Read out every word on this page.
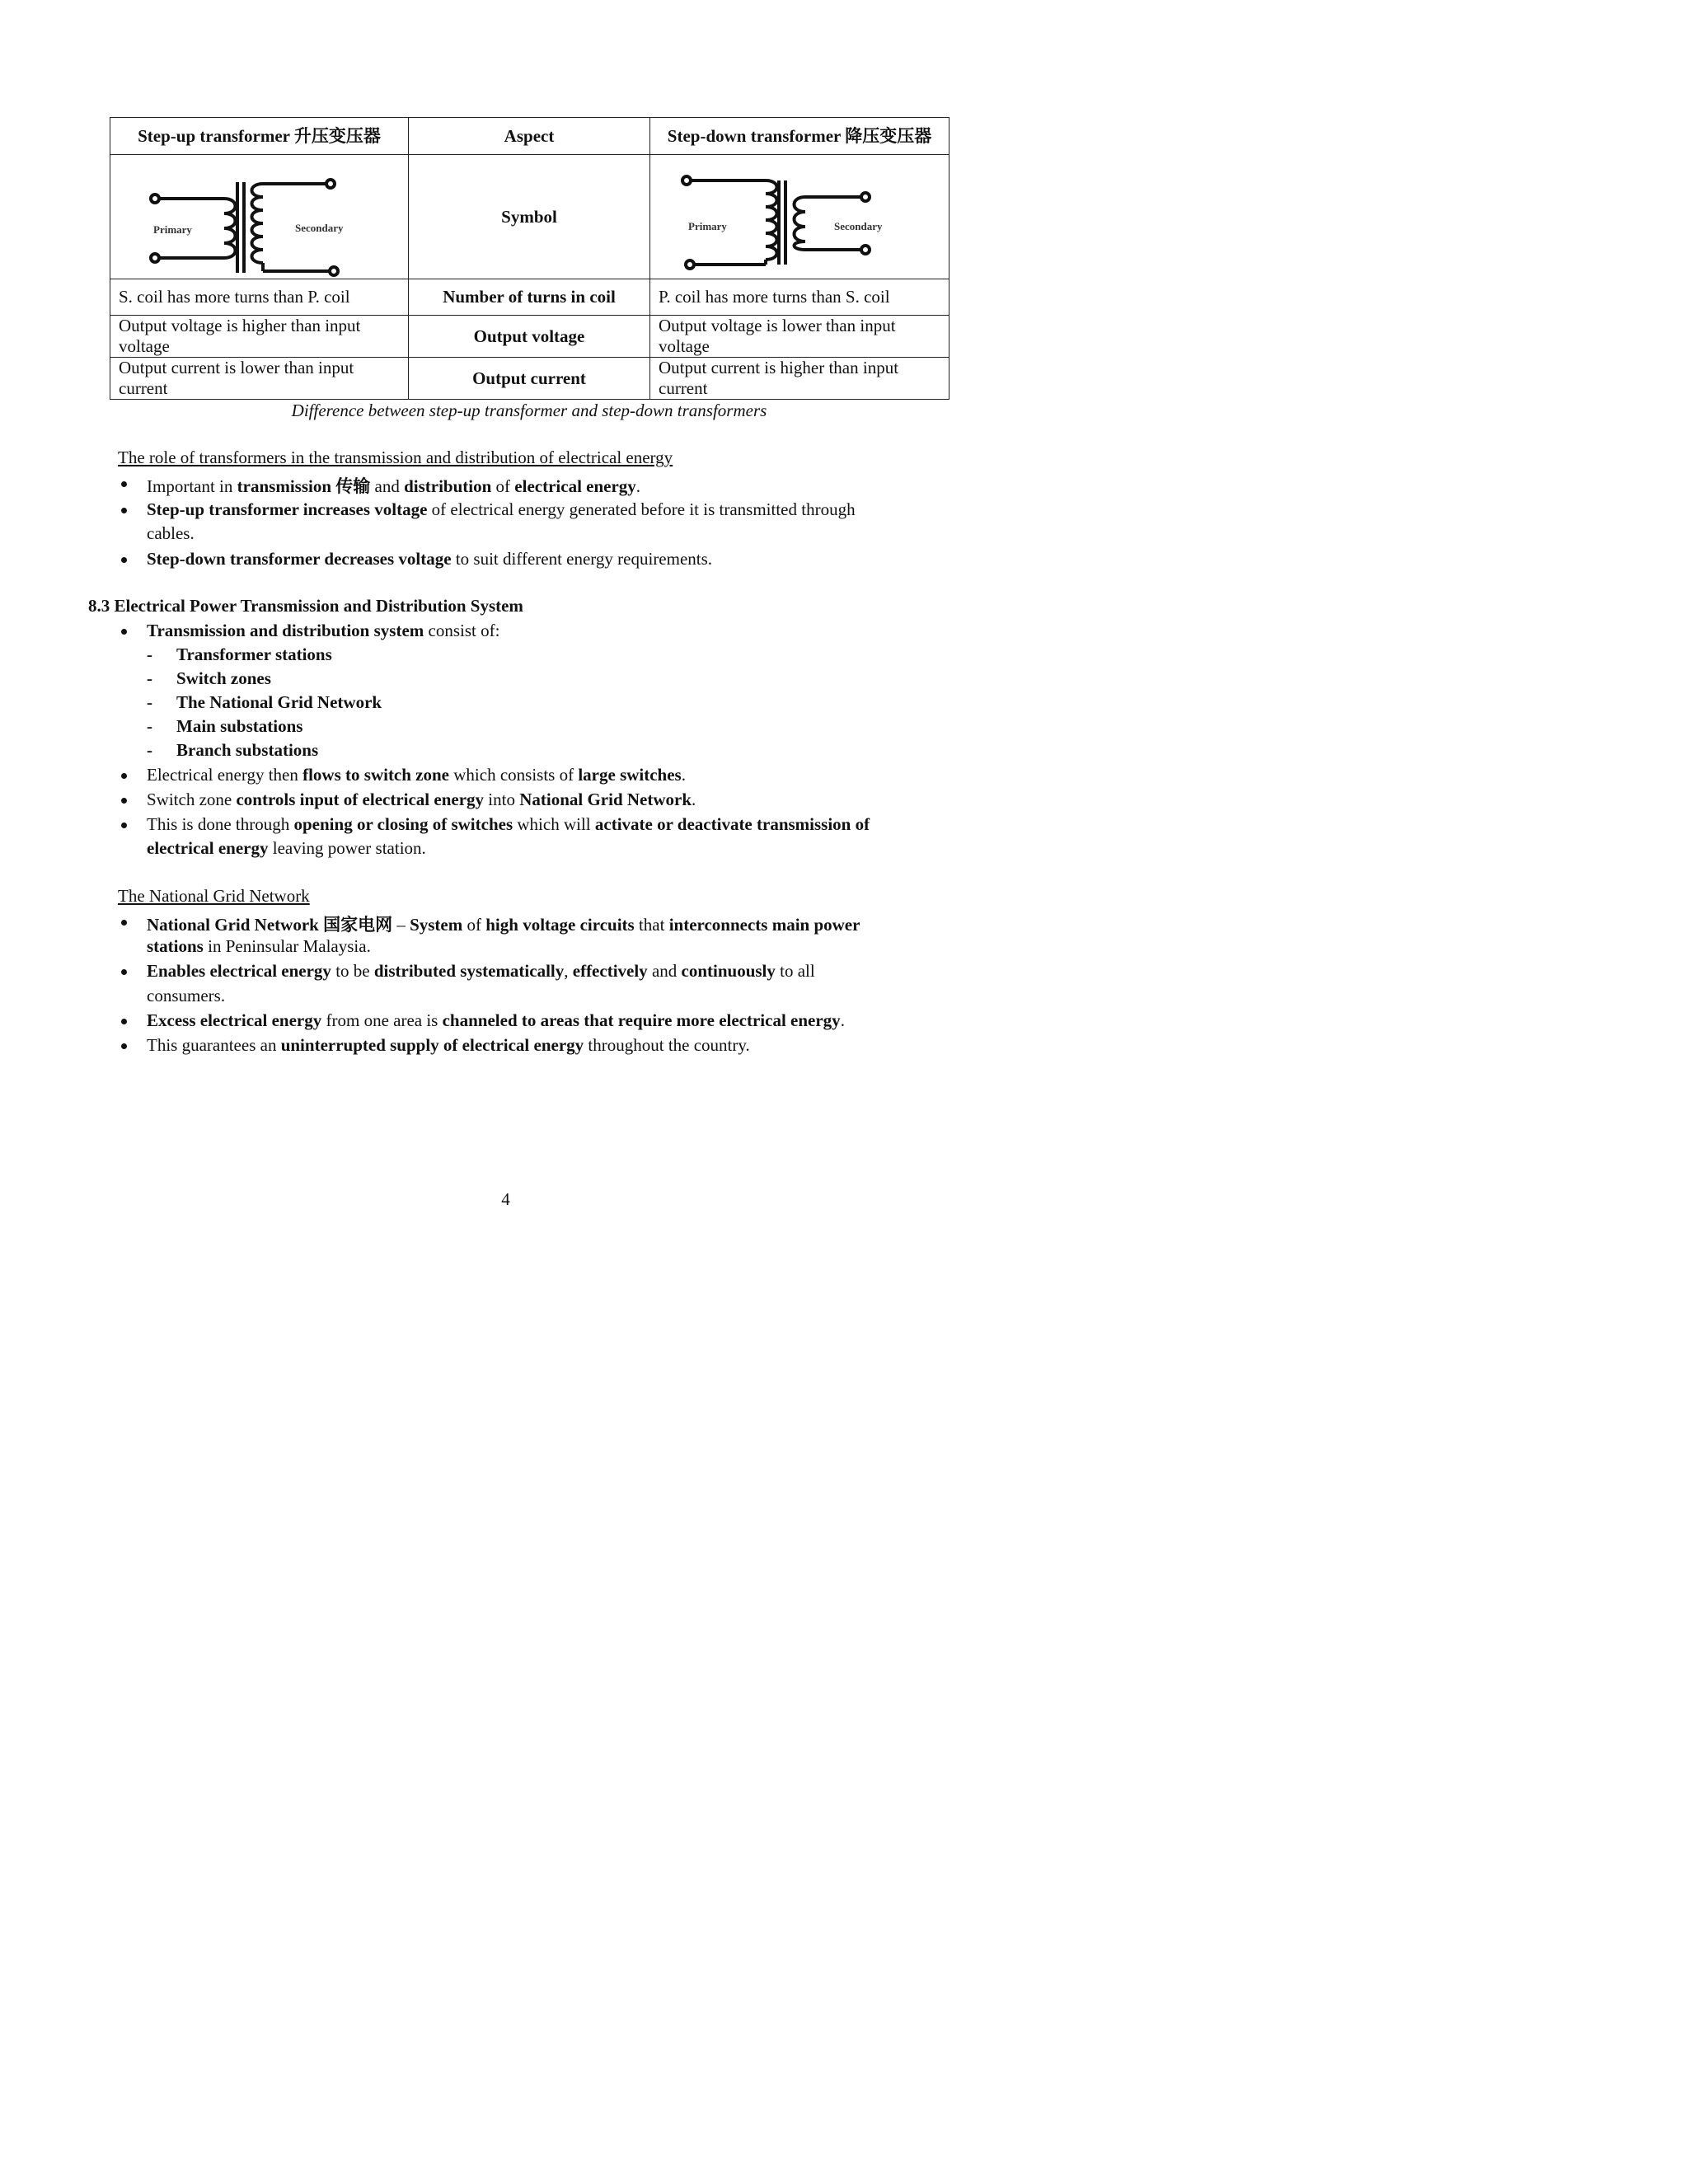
Step-up transformer 升压变压器	Aspect	Step-down transformer 降压变压器

Primary Secondary	Symbol	Primary Secondary

S. coil has more turns than P. coil	Number of turns in coil	P. coil has more turns than S. coil
Output voltage is higher than input voltage	Output voltage	Output voltage is lower than input voltage
Output current is lower than input current	Output current	Output current is higher than input current
Difference between step-up transformer and step-down transformers
The role of transformers in the transmission and distribution of electrical energy
Important in transmission 传输 and distribution of electrical energy.
Step-up transformer increases voltage of electrical energy generated before it is transmitted through
cables.
Step-down transformer decreases voltage to suit different energy requirements.
8.3 Electrical Power Transmission and Distribution System
Transmission and distribution system consist of:
- Transformer stations
- Switch zones
- The National Grid Network
- Main substations
- Branch substations
Electrical energy then flows to switch zone which consists of large switches.
Switch zone controls input of electrical energy into National Grid Network.
This is done through opening or closing of switches which will activate or deactivate transmission of
electrical energy leaving power station.
The National Grid Network
National Grid Network 国家电网 – System of high voltage circuits that interconnects main power
stations in Peninsular Malaysia.
Enables electrical energy to be distributed systematically, effectively and continuously to all
consumers.
Excess electrical energy from one area is channeled to areas that require more electrical energy.
This guarantees an uninterrupted supply of electrical energy throughout the country.
4
